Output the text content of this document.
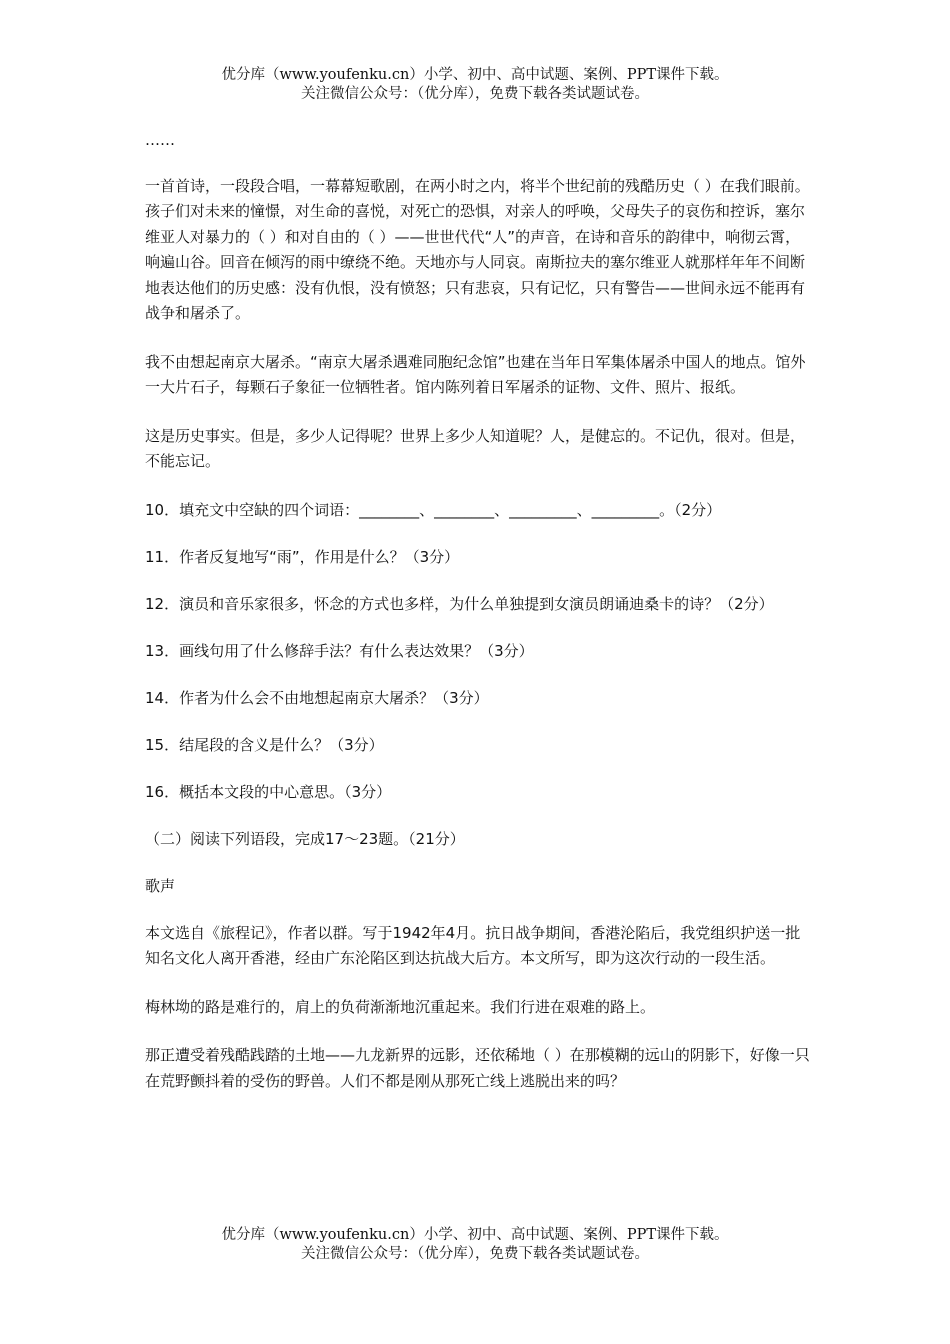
优分库（www.youfenku.cn）小学、初中、高中试题、案例、PPT课件下载。
关注微信公众号：（优分库），免费下载各类试题试卷。

……

一首首诗，一段段合唱，一幕幕短歌剧，在两小时之内，将半个世纪前的残酷历史（ ）在我们眼前。孩子们对未来的憧憬，对生命的喜悦，对死亡的恐惧，对亲人的呼唤，父母失子的哀伤和控诉，塞尔维亚人对暴力的（ ）和对自由的（ ）——世世代代“人”的声音，在诗和音乐的韵律中，响彻云霄，响遍山谷。回音在倾泻的雨中缭绕不绝。天地亦与人同哀。南斯拉夫的塞尔维亚人就那样年年不间断地表达他们的历史感：没有仇恨，没有愤怒；只有悲哀，只有记忆，只有警告——世间永远不能再有战争和屠杀了。

我不由想起南京大屠杀。“南京大屠杀遇难同胞纪念馆”也建在当年日军集体屠杀中国人的地点。馆外一大片石子，每颗石子象征一位牺牲者。馆内陈列着日军屠杀的证物、文件、照片、报纸。

这是历史事实。但是，多少人记得呢？世界上多少人知道呢？人，是健忘的。不记仇，很对。但是，不能忘记。

10．填充文中空缺的四个词语：________、________、_________、_________。（2分）

11．作者反复地写“雨”，作用是什么？（3分）

12．演员和音乐家很多，怀念的方式也多样，为什么单独提到女演员朗诵迪桑卡的诗？（2分）

13．画线句用了什么修辞手法？有什么表达效果？（3分）

14．作者为什么会不由地想起南京大屠杀？（3分）

15．结尾段的含义是什么？（3分）

16．概括本文段的中心意思。（3分）

（二）阅读下列语段，完成17～23题。（21分）

歌声

本文选自《旅程记》，作者以群。写于1942年4月。抗日战争期间，香港沦陷后，我党组织护送一批知名文化人离开香港，经由广东沦陷区到达抗战大后方。本文所写，即为这次行动的一段生活。

梅林坳的路是难行的，肩上的负荷渐渐地沉重起来。我们行进在艰难的路上。

那正遭受着残酷践踏的土地——九龙新界的远影，还依稀地（ ）在那模糊的远山的阴影下，好像一只在荒野颤抖着的受伤的野兽。人们不都是刚从那死亡线上逃脱出来的吗？

优分库（www.youfenku.cn）小学、初中、高中试题、案例、PPT课件下载。
关注微信公众号：（优分库），免费下载各类试题试卷。
